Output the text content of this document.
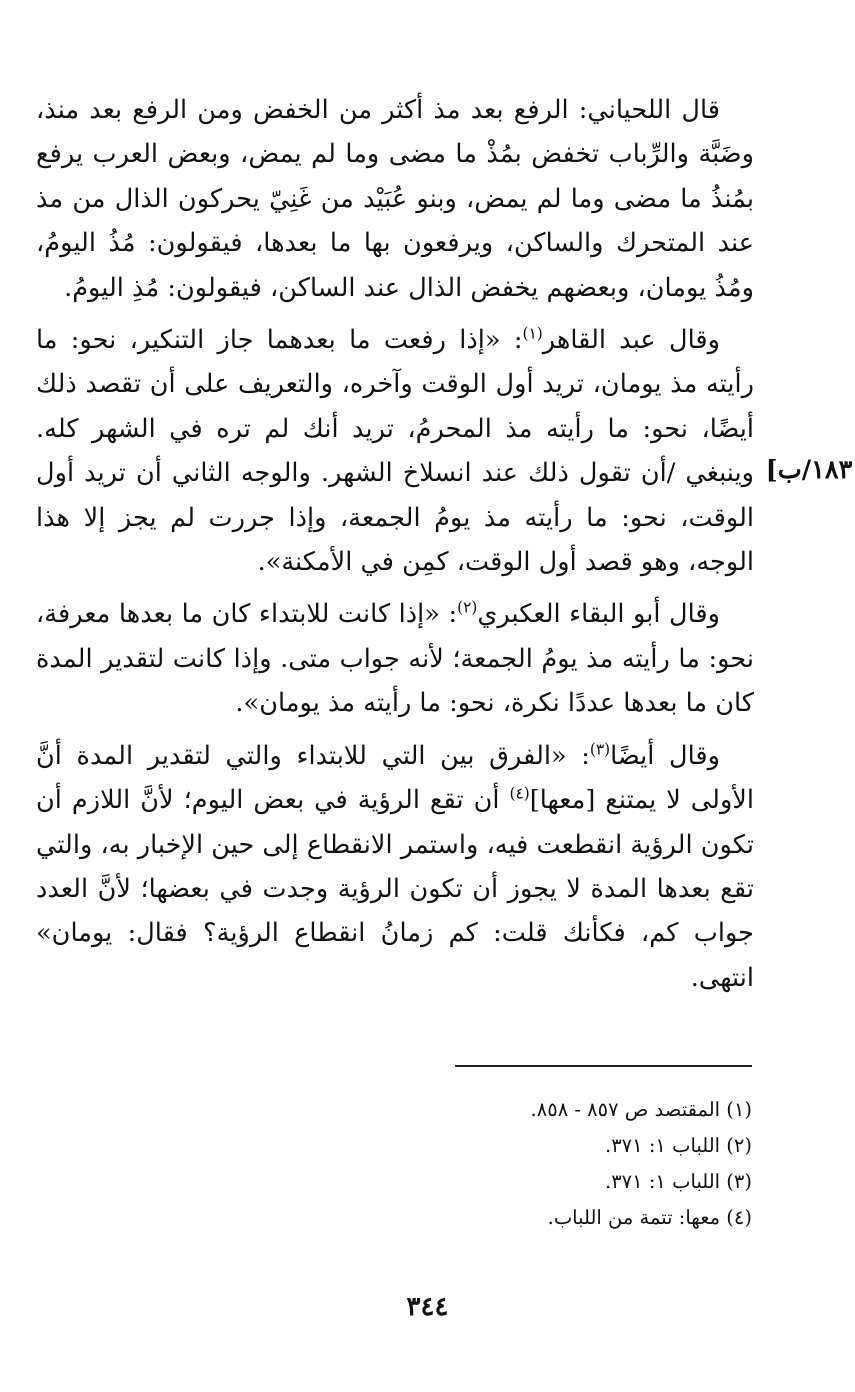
قال اللحياني: الرفع بعد مذ أكثر من الخفض ومن الرفع بعد منذ، وضَبَّة والرِّباب تخفض بمُذْ ما مضى وما لم يمض، وبعض العرب يرفع بمُنذُ ما مضى وما لم يمض، وبنو عُبَيْد من غَنِيّ يحركون الذال من مذ عند المتحرك والساكن، ويرفعون بها ما بعدها، فيقولون: مُذُ اليومُ، ومُذُ يومان، وبعضهم يخفض الذال عند الساكن، فيقولون: مُذِ اليومُ.

وقال عبد القاهر$^{(١)}$: «إذا رفعت ما بعدهما جاز التنكير، نحو: ما رأيته مذ يومان، تريد أول الوقت وآخره، والتعريف على أن تقصد ذلك أيضًا، نحو: ما رأيته مذ المحرمُ، تريد أنك لم تره في الشهر كله. وينبغي /أن تقول ذلك عند انسلاخ الشهر. والوجه الثاني أن تريد أول الوقت، نحو: ما رأيته مذ يومُ الجمعة، وإذا جررت لم يجز إلا هذا الوجه، وهو قصد أول الوقت، كمِن في الأمكنة».

وقال أبو البقاء العكبري$^{(٢)}$: «إذا كانت للابتداء كان ما بعدها معرفة، نحو: ما رأيته مذ يومُ الجمعة؛ لأنه جواب متى. وإذا كانت لتقدير المدة كان ما بعدها عددًا نكرة، نحو: ما رأيته مذ يومان».

وقال أيضًا$^{(٣)}$: «الفرق بين التي للابتداء والتي لتقدير المدة أنَّ الأولى لا يمتنع [معها]$^{(٤)}$ أن تقع الرؤية في بعض اليوم؛ لأنَّ اللازم أن تكون الرؤية انقطعت فيه، واستمر الانقطاع إلى حين الإخبار به، والتي تقع بعدها المدة لا يجوز أن تكون الرؤية وجدت في بعضها؛ لأنَّ العدد جواب كم، فكأنك قلت: كم زمانُ انقطاع الرؤية؟ فقال: يومان» انتهى.

١٨٣/ب]

(١) المقتصد ص ٨٥٧ - ٨٥٨.

(٢) اللباب ١: ٣٧١.

(٣) اللباب ١: ٣٧١.

(٤) معها: تتمة من اللباب.

٣٤٤
